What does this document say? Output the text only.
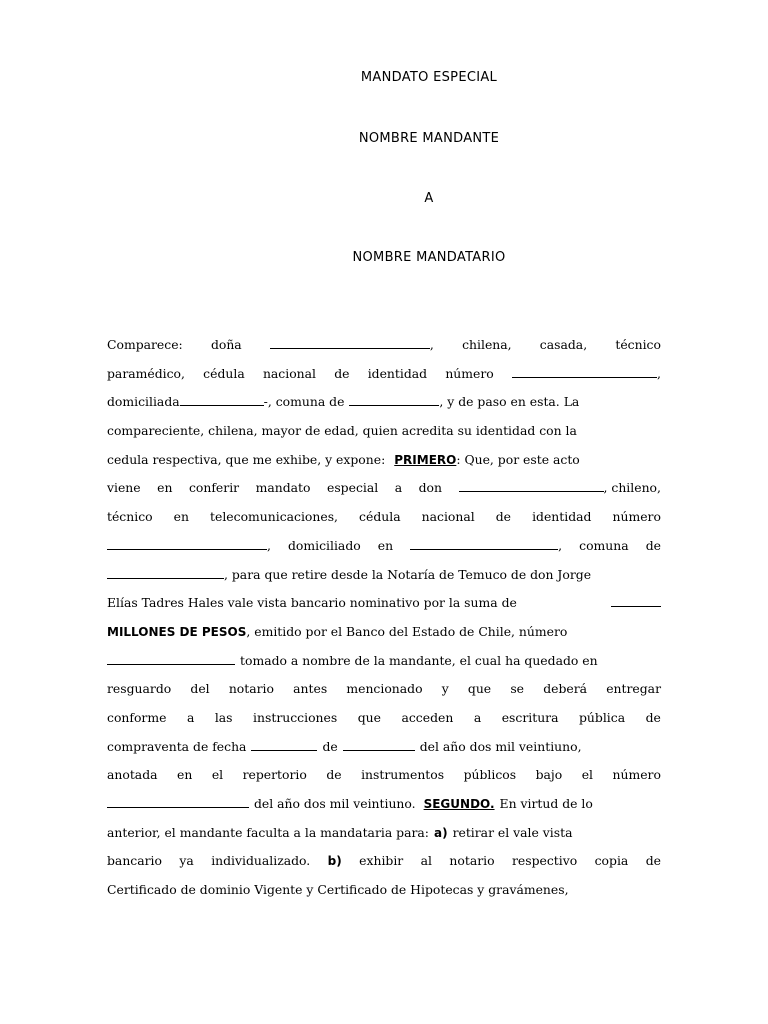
MANDATO ESPECIAL
NOMBRE MANDANTE
A
NOMBRE MANDATARIO
Comparece: doña	, chilena, casada, técnico
paramédico, cédula nacional de identidad número	,
domiciliada	-, comuna de	, y de paso en esta. La
compareciente, chilena, mayor de edad, quien acredita su identidad con la
cedula respectiva, que me exhibe, y expone: PRIMERO : Que, por este acto
viene en conferir mandato especial a don	, chileno,
técnico en telecomunicaciones, cédula nacional de identidad número
, domiciliado en	, comuna de
, para que retire desde la Notaría de Temuco de don Jorge
Elías Tadres Hales vale vista bancario nominativo por la suma de
MILLONES DE PESOS , emitido por el Banco del Estado de Chile, número
tomado a nombre de la mandante, el cual ha quedado en
resguardo del notario antes mencionado y que se deberá entregar
conforme a las instrucciones que acceden a escritura pública de
compraventa de fecha	de	del año dos mil veintiuno,
anotada en el repertorio de instrumentos públicos bajo el número
del año dos mil veintiuno. SEGUNDO. En virtud de lo
anterior, el mandante faculta a la mandataria para: a) retirar el vale vista
bancario ya individualizado. b) exhibir al notario respectivo copia de
Certificado de dominio Vigente y Certificado de Hipotecas y gravámenes,
